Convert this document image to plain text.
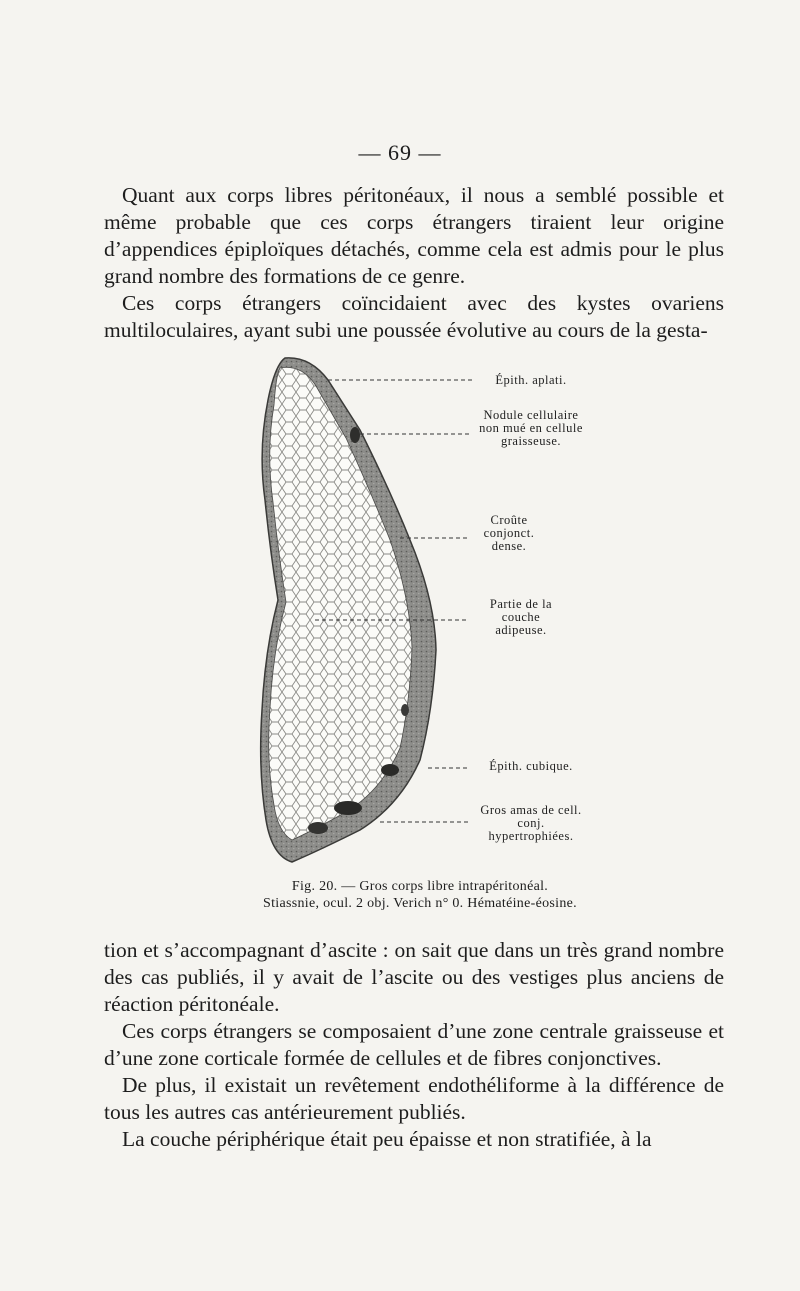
— 69 —

Quant aux corps libres péritonéaux, il nous a semblé possible et même probable que ces corps étrangers tiraient leur origine d’appendices épiploïques détachés, comme cela est admis pour le plus grand nombre des formations de ce genre.

Ces corps étrangers coïncidaient avec des kystes ovariens multiloculaires, ayant subi une poussée évolutive au cours de la gesta-

Épith. aplati.
Nodule cellulaire non mué en cellule graisseuse.
Croûte conjonct. dense.
Partie de la couche adipeuse.
Épith. cubique.
Gros amas de cell. conj. hypertrophiées.
Fig. 20. — Gros corps libre intrapéritonéal.
Stiassnie, ocul. 2 obj. Verich n° 0. Hématéine-éosine.

tion et s’accompagnant d’ascite : on sait que dans un très grand nombre des cas publiés, il y avait de l’ascite ou des vestiges plus anciens de réaction péritonéale.

Ces corps étrangers se composaient d’une zone centrale graisseuse et d’une zone corticale formée de cellules et de fibres conjonctives.

De plus, il existait un revêtement endothéliforme à la différence de tous les autres cas antérieurement publiés.

La couche périphérique était peu épaisse et non stratifiée, à la
